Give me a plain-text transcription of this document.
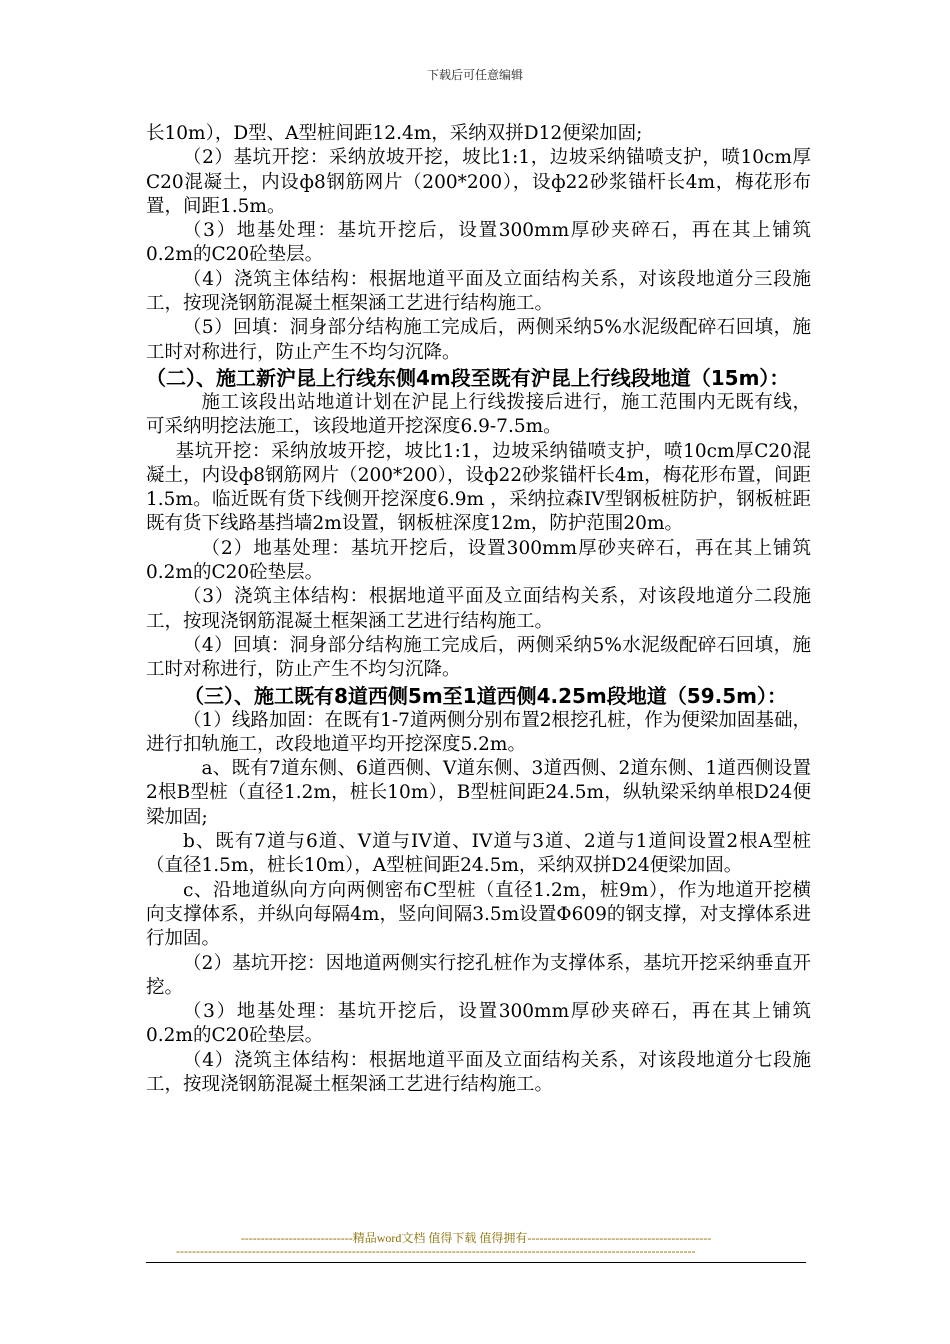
下载后可任意编辑

长10m），D型、A型桩间距12.4m，采纳双拼D12便梁加固;

（2）基坑开挖：采纳放坡开挖，坡比1:1，边坡采纳锚喷支护，喷10cm厚C20混凝土，内设ф8钢筋网片（200*200），设ф22砂浆锚杆长4m，梅花形布置，间距1.5m。

（3）地基处理：基坑开挖后，设置300mm厚砂夹碎石，再在其上铺筑0.2m的C20砼垫层。

（4）浇筑主体结构：根据地道平面及立面结构关系，对该段地道分三段施工，按现浇钢筋混凝土框架涵工艺进行结构施工。

（5）回填：洞身部分结构施工完成后，两侧采纳5%水泥级配碎石回填，施工时对称进行，防止产生不均匀沉降。

（二）、施工新沪昆上行线东侧4m段至既有沪昆上行线段地道（15m）：

施工该段出站地道计划在沪昆上行线拨接后进行，施工范围内无既有线，可采纳明挖法施工，该段地道开挖深度6.9-7.5m。

基坑开挖：采纳放坡开挖，坡比1:1，边坡采纳锚喷支护，喷10cm厚C20混凝土，内设ф8钢筋网片（200*200），设ф22砂浆锚杆长4m，梅花形布置，间距1.5m。临近既有货下线侧开挖深度6.9m ，采纳拉森IV型钢板桩防护，钢板桩距既有货下线路基挡墙2m设置，钢板桩深度12m，防护范围20m。

（2）地基处理：基坑开挖后，设置300mm厚砂夹碎石，再在其上铺筑0.2m的C20砼垫层。

（3）浇筑主体结构：根据地道平面及立面结构关系，对该段地道分二段施工，按现浇钢筋混凝土框架涵工艺进行结构施工。

（4）回填：洞身部分结构施工完成后，两侧采纳5%水泥级配碎石回填，施工时对称进行，防止产生不均匀沉降。

（三）、施工既有8道西侧5m至1道西侧4.25m段地道（59.5m）：

（1）线路加固：在既有1-7道两侧分别布置2根挖孔桩，作为便梁加固基础，进行扣轨施工，改段地道平均开挖深度5.2m。

a、既有7道东侧、6道西侧、V道东侧、3道西侧、2道东侧、1道西侧设置2根B型桩（直径1.2m，桩长10m），B型桩间距24.5m，纵轨梁采纳单根D24便梁加固;

b、既有7道与6道、V道与IV道、IV道与3道、2道与1道间设置2根A型桩（直径1.5m，桩长10m），A型桩间距24.5m，采纳双拼D24便梁加固。

c、沿地道纵向方向两侧密布C型桩（直径1.2m，桩9m），作为地道开挖横向支撑体系，并纵向每隔4m，竖向间隔3.5m设置Φ609的钢支撑，对支撑体系进行加固。

（2）基坑开挖：因地道两侧实行挖孔桩作为支撑体系，基坑开挖采纳垂直开挖。

（3）地基处理：基坑开挖后，设置300mm厚砂夹碎石，再在其上铺筑0.2m的C20砼垫层。

（4）浇筑主体结构：根据地道平面及立面结构关系，对该段地道分七段施工，按现浇钢筋混凝土框架涵工艺进行结构施工。

----------------------------精品word文档 值得下载 值得拥有----------------------------------------------
----------------------------------------------------------------------------------------------------------------------------------
